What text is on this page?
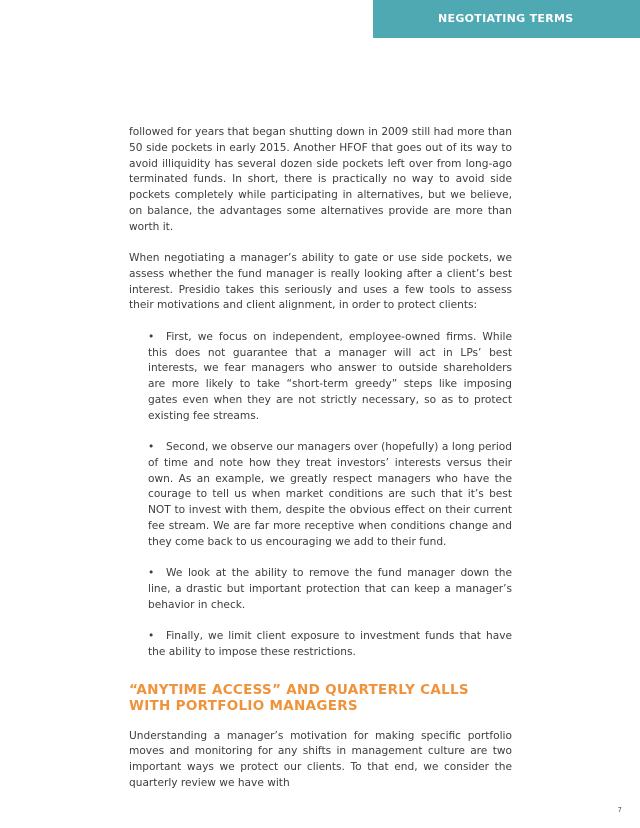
NEGOTIATING TERMS

followed for years that began shutting down in 2009 still had more than 50 side pockets in early 2015. Another HFOF that goes out of its way to avoid illiquidity has several dozen side pockets left over from long-ago terminated funds. In short, there is practically no way to avoid side pockets completely while participating in alternatives, but we believe, on balance, the advantages some alternatives provide are more than worth it.

When negotiating a manager’s ability to gate or use side pockets, we assess whether the fund manager is really looking after a client’s best interest. Presidio takes this seriously and uses a few tools to assess their motivations and client alignment, in order to protect clients:

• First, we focus on independent, employee-owned firms. While this does not guarantee that a manager will act in LPs’ best interests, we fear managers who answer to outside shareholders are more likely to take “short-term greedy” steps like imposing gates even when they are not strictly necessary, so as to protect existing fee streams.
• Second, we observe our managers over (hopefully) a long period of time and note how they treat investors’ interests versus their own. As an example, we greatly respect managers who have the courage to tell us when market conditions are such that it’s best NOT to invest with them, despite the obvious effect on their current fee stream. We are far more receptive when conditions change and they come back to us encouraging we add to their fund.
• We look at the ability to remove the fund manager down the line, a drastic but important protection that can keep a manager’s behavior in check.
• Finally, we limit client exposure to investment funds that have the ability to impose these restrictions.
“ANYTIME ACCESS” AND QUARTERLY CALLS WITH PORTFOLIO MANAGERS

Understanding a manager’s motivation for making specific portfolio moves and monitoring for any shifts in management culture are two important ways we protect our clients. To that end, we consider the quarterly review we have with

7
